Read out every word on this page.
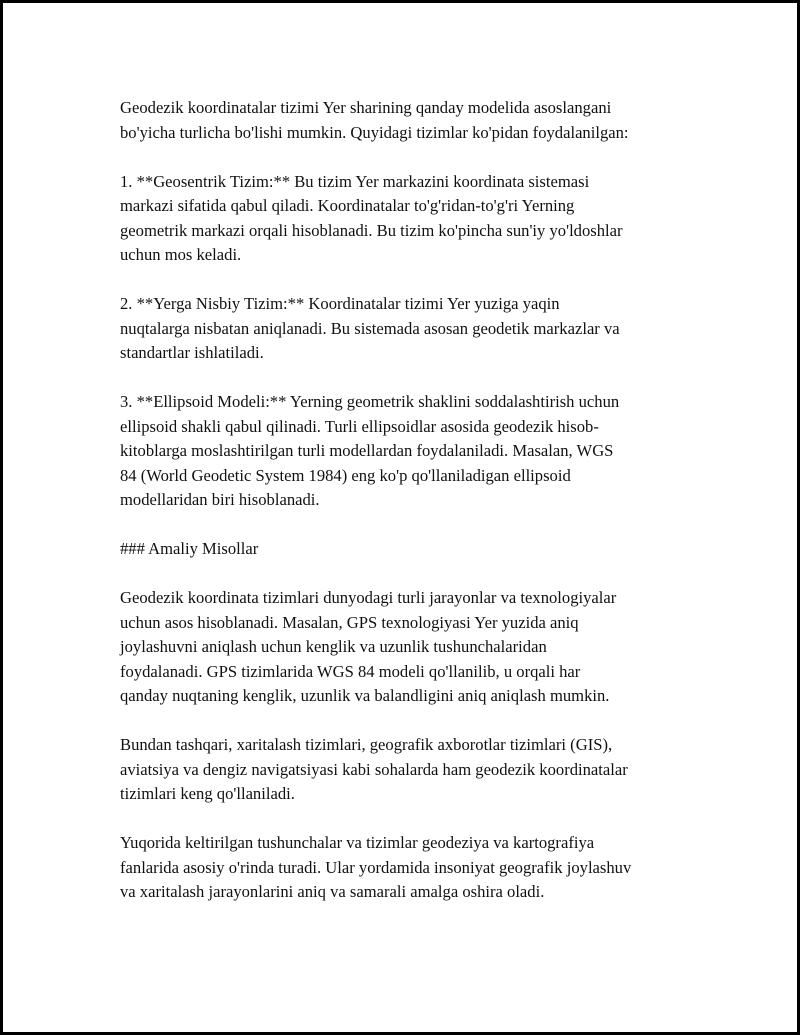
Geodezik koordinatalar tizimi Yer sharining qanday modelida asoslangani
bo'yicha turlicha bo'lishi mumkin. Quyidagi tizimlar ko'pidan foydalanilgan:

1. **Geosentrik Tizim:** Bu tizim Yer markazini koordinata sistemasi
markazi sifatida qabul qiladi. Koordinatalar to'g'ridan-to'g'ri Yerning
geometrik markazi orqali hisoblanadi. Bu tizim ko'pincha sun'iy yo'ldoshlar
uchun mos keladi.

2. **Yerga Nisbiy Tizim:** Koordinatalar tizimi Yer yuziga yaqin
nuqtalarga nisbatan aniqlanadi. Bu sistemada asosan geodetik markazlar va
standartlar ishlatiladi.

3. **Ellipsoid Modeli:** Yerning geometrik shaklini soddalashtirish uchun
ellipsoid shakli qabul qilinadi. Turli ellipsoidlar asosida geodezik hisob-
kitoblarga moslashtirilgan turli modellardan foydalaniladi. Masalan, WGS
84 (World Geodetic System 1984) eng ko'p qo'llaniladigan ellipsoid
modellaridan biri hisoblanadi.

### Amaliy Misollar

Geodezik koordinata tizimlari dunyodagi turli jarayonlar va texnologiyalar
uchun asos hisoblanadi. Masalan, GPS texnologiyasi Yer yuzida aniq
joylashuvni aniqlash uchun kenglik va uzunlik tushunchalaridan
foydalanadi. GPS tizimlarida WGS 84 modeli qo'llanilib, u orqali har
qanday nuqtaning kenglik, uzunlik va balandligini aniq aniqlash mumkin.

Bundan tashqari, xaritalash tizimlari, geografik axborotlar tizimlari (GIS),
aviatsiya va dengiz navigatsiyasi kabi sohalarda ham geodezik koordinatalar
tizimlari keng qo'llaniladi.

Yuqorida keltirilgan tushunchalar va tizimlar geodeziya va kartografiya
fanlarida asosiy o'rinda turadi. Ular yordamida insoniyat geografik joylashuv
va xaritalash jarayonlarini aniq va samarali amalga oshira oladi.
